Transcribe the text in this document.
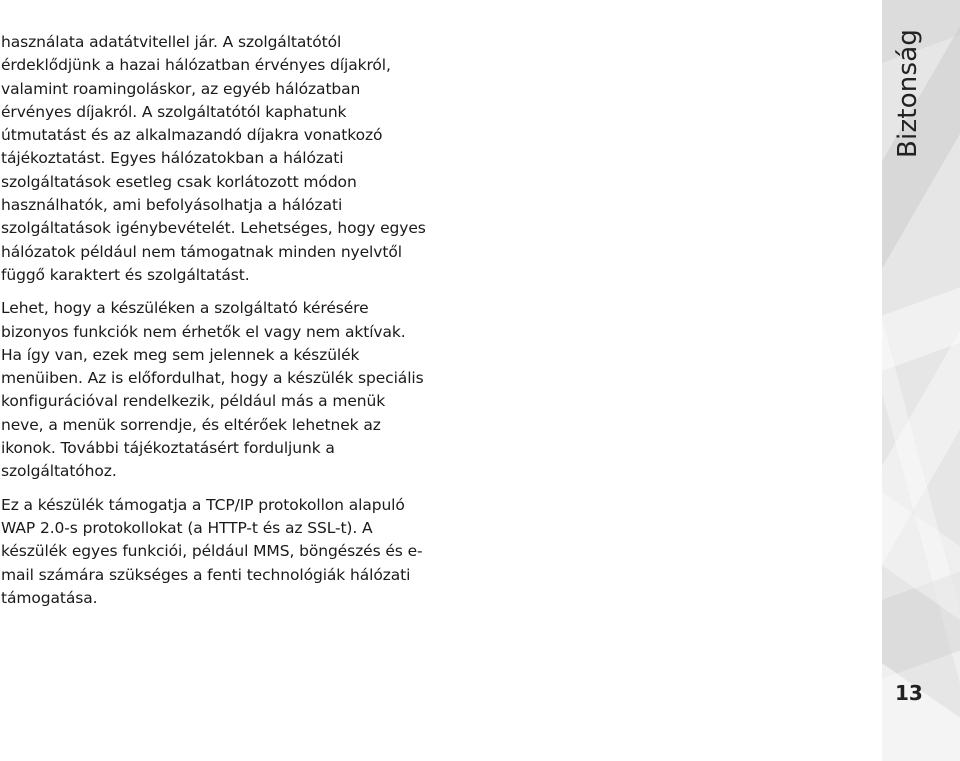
Biztonság

használata adatátvitellel jár. A szolgáltatótól
érdeklődjünk a hazai hálózatban érvényes díjakról,
valamint roamingoláskor, az egyéb hálózatban
érvényes díjakról. A szolgáltatótól kaphatunk
útmutatást és az alkalmazandó díjakra vonatkozó
tájékoztatást. Egyes hálózatokban a hálózati
szolgáltatások esetleg csak korlátozott módon
használhatók, ami befolyásolhatja a hálózati
szolgáltatások igénybevételét. Lehetséges, hogy egyes
hálózatok például nem támogatnak minden nyelvtől
függő karaktert és szolgáltatást.

Lehet, hogy a készüléken a szolgáltató kérésére
bizonyos funkciók nem érhetők el vagy nem aktívak.
Ha így van, ezek meg sem jelennek a készülék
menüiben. Az is előfordulhat, hogy a készülék speciális
konfigurációval rendelkezik, például más a menük
neve, a menük sorrendje, és eltérőek lehetnek az
ikonok. További tájékoztatásért forduljunk a
szolgáltatóhoz.

Ez a készülék támogatja a TCP/IP protokollon alapuló
WAP 2.0-s protokollokat (a HTTP-t és az SSL-t). A
készülék egyes funkciói, például MMS, böngészés és e-
mail számára szükséges a fenti technológiák hálózati
támogatása.

13
